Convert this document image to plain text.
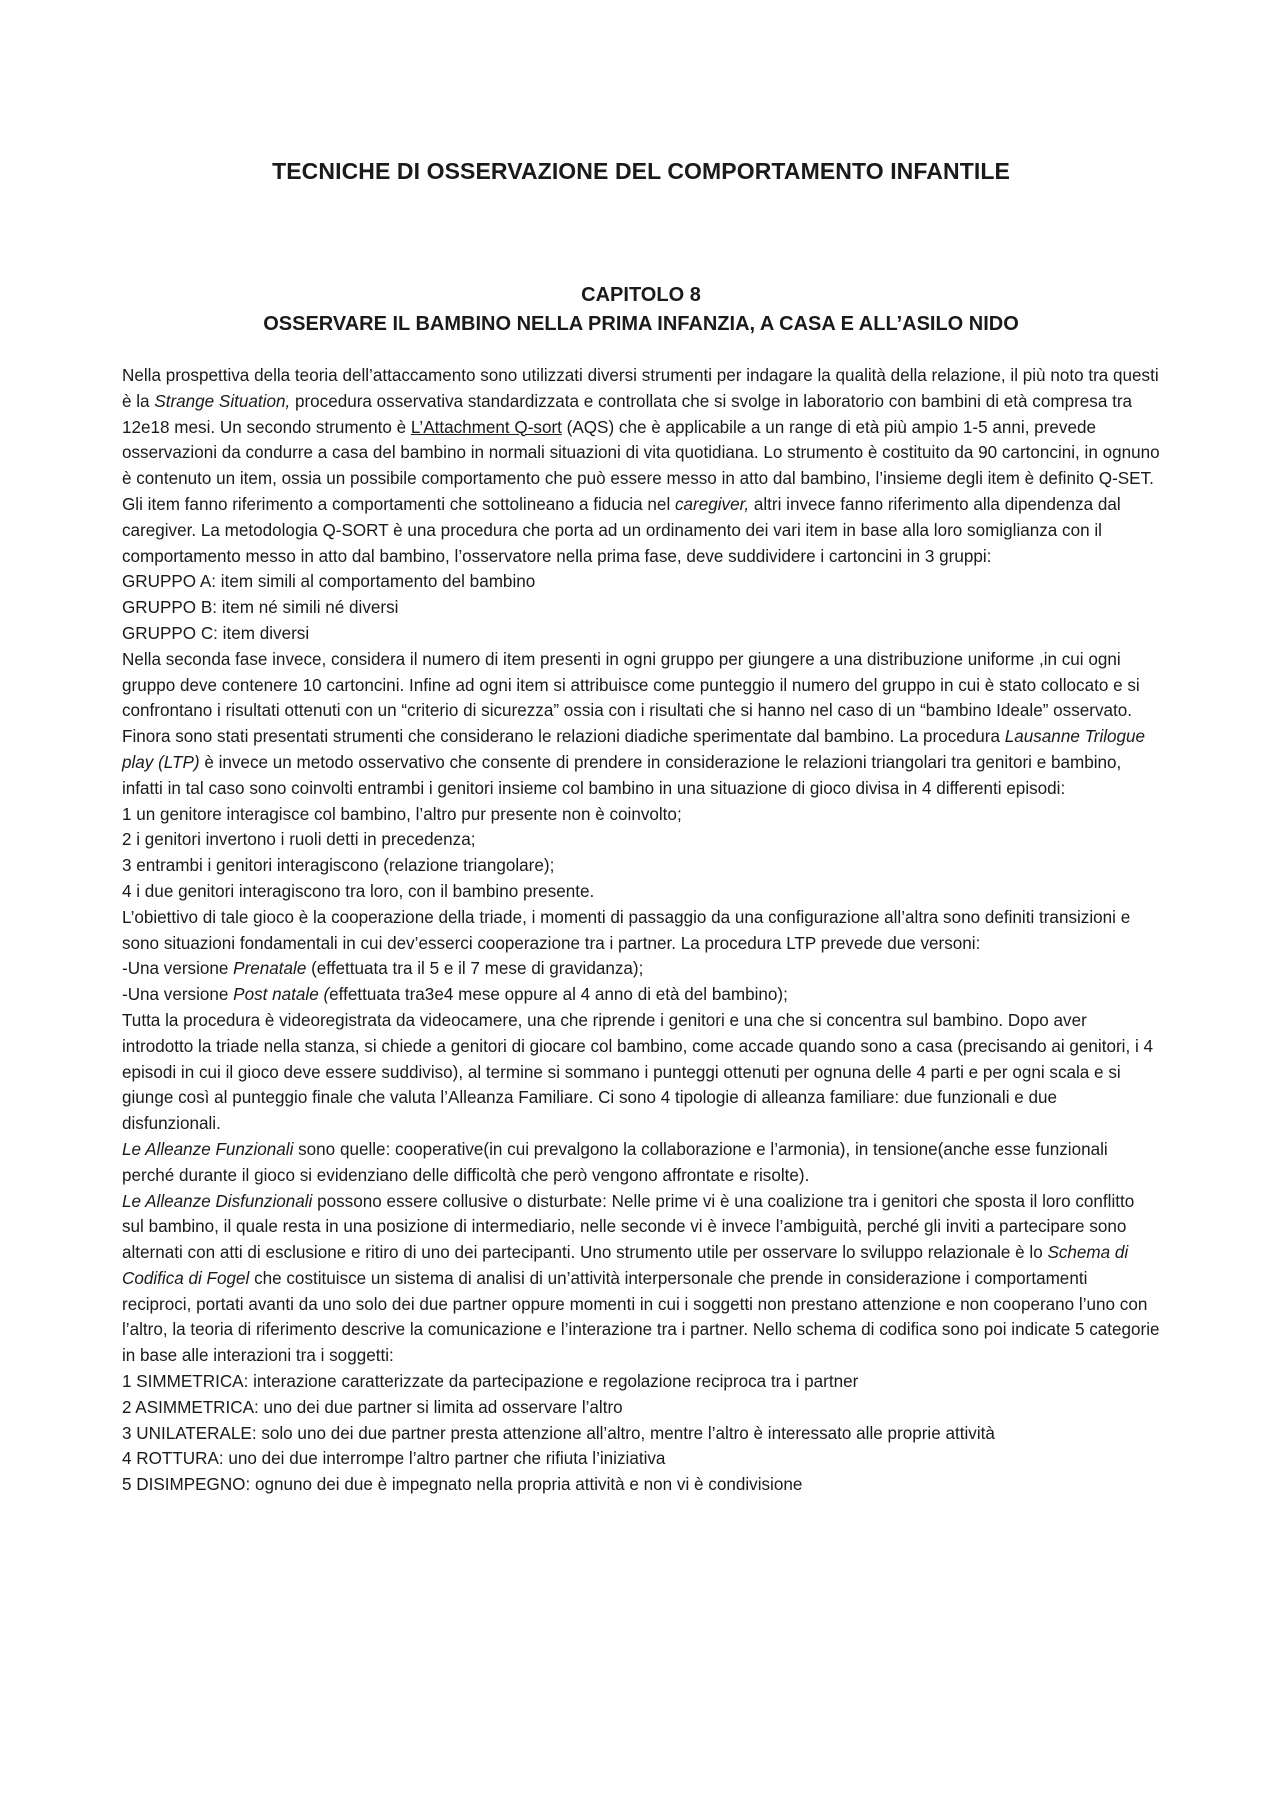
TECNICHE DI OSSERVAZIONE DEL COMPORTAMENTO INFANTILE
CAPITOLO 8
OSSERVARE IL BAMBINO NELLA PRIMA INFANZIA, A CASA E ALL’ASILO NIDO

Nella prospettiva della teoria dell’attaccamento sono utilizzati diversi strumenti per indagare la qualità della relazione, il più noto tra questi è la Strange Situation, procedura osservativa standardizzata e controllata che si svolge in laboratorio con bambini di età compresa tra 12e18 mesi. Un secondo strumento è L’Attachment Q-sort (AQS) che è applicabile a un range di età più ampio 1-5 anni, prevede osservazioni da condurre a casa del bambino in normali situazioni di vita quotidiana. Lo strumento è costituito da 90 cartoncini, in ognuno è contenuto un item, ossia un possibile comportamento che può essere messo in atto dal bambino, l’insieme degli item è definito Q-SET. Gli item fanno riferimento a comportamenti che sottolineano a fiducia nel caregiver, altri invece fanno riferimento alla dipendenza dal caregiver. La metodologia Q-SORT è una procedura che porta ad un ordinamento dei vari item in base alla loro somiglianza con il comportamento messo in atto dal bambino, l’osservatore nella prima fase, deve suddividere i cartoncini in 3 gruppi:

GRUPPO A: item simili al comportamento del bambino

GRUPPO B: item né simili né diversi

GRUPPO C: item diversi

Nella seconda fase invece, considera il numero di item presenti in ogni gruppo per giungere a una distribuzione uniforme ,in cui ogni gruppo deve contenere 10 cartoncini. Infine ad ogni item si attribuisce come punteggio il numero del gruppo in cui è stato collocato e si confrontano i risultati ottenuti con un “criterio di sicurezza” ossia con i risultati che si hanno nel caso di un “bambino Ideale” osservato. Finora sono stati presentati strumenti che considerano le relazioni diadiche sperimentate dal bambino. La procedura Lausanne Trilogue play (LTP) è invece un metodo osservativo che consente di prendere in considerazione le relazioni triangolari tra genitori e bambino, infatti in tal caso sono coinvolti entrambi i genitori insieme col bambino in una situazione di gioco divisa in 4 differenti episodi:

1 un genitore interagisce col bambino, l’altro pur presente non è coinvolto;

2 i genitori invertono i ruoli detti in precedenza;

3 entrambi i genitori interagiscono (relazione triangolare);

4 i due genitori interagiscono tra loro, con il bambino presente.

L’obiettivo di tale gioco è la cooperazione della triade, i momenti di passaggio da una configurazione all’altra sono definiti transizioni e sono situazioni fondamentali in cui dev’esserci cooperazione tra i partner. La procedura LTP prevede due versoni:

-Una versione Prenatale (effettuata tra il 5 e il 7 mese di gravidanza);

-Una versione Post natale (effettuata tra3e4 mese oppure al 4 anno di età del bambino);

Tutta la procedura è videoregistrata da videocamere, una che riprende i genitori e una che si concentra sul bambino. Dopo aver introdotto la triade nella stanza, si chiede a genitori di giocare col bambino, come accade quando sono a casa (precisando ai genitori, i 4 episodi in cui il gioco deve essere suddiviso), al termine si sommano i punteggi ottenuti per ognuna delle 4 parti e per ogni scala e si giunge così al punteggio finale che valuta l’Alleanza Familiare. Ci sono 4 tipologie di alleanza familiare: due funzionali e due disfunzionali.

Le Alleanze Funzionali sono quelle: cooperative(in cui prevalgono la collaborazione e l’armonia), in tensione(anche esse funzionali perché durante il gioco si evidenziano delle difficoltà che però vengono affrontate e risolte).

Le Alleanze Disfunzionali possono essere collusive o disturbate: Nelle prime vi è una coalizione tra i genitori che sposta il loro conflitto sul bambino, il quale resta in una posizione di intermediario, nelle seconde vi è invece l’ambiguità, perché gli inviti a partecipare sono alternati con atti di esclusione e ritiro di uno dei partecipanti. Uno strumento utile per osservare lo sviluppo relazionale è lo Schema di Codifica di Fogel che costituisce un sistema di analisi di un’attività interpersonale che prende in considerazione i comportamenti reciproci, portati avanti da uno solo dei due partner oppure momenti in cui i soggetti non prestano attenzione e non cooperano l’uno con l’altro, la teoria di riferimento descrive la comunicazione e l’interazione tra i partner. Nello schema di codifica sono poi indicate 5 categorie in base alle interazioni tra i soggetti:

1 SIMMETRICA: interazione caratterizzate da partecipazione e regolazione reciproca tra i partner

2 ASIMMETRICA: uno dei due partner si limita ad osservare l’altro

3 UNILATERALE: solo uno dei due partner presta attenzione all’altro, mentre l’altro è interessato alle proprie attività

4 ROTTURA: uno dei due interrompe l’altro partner che rifiuta l’iniziativa

5 DISIMPEGNO: ognuno dei due è impegnato nella propria attività e non vi è condivisione
